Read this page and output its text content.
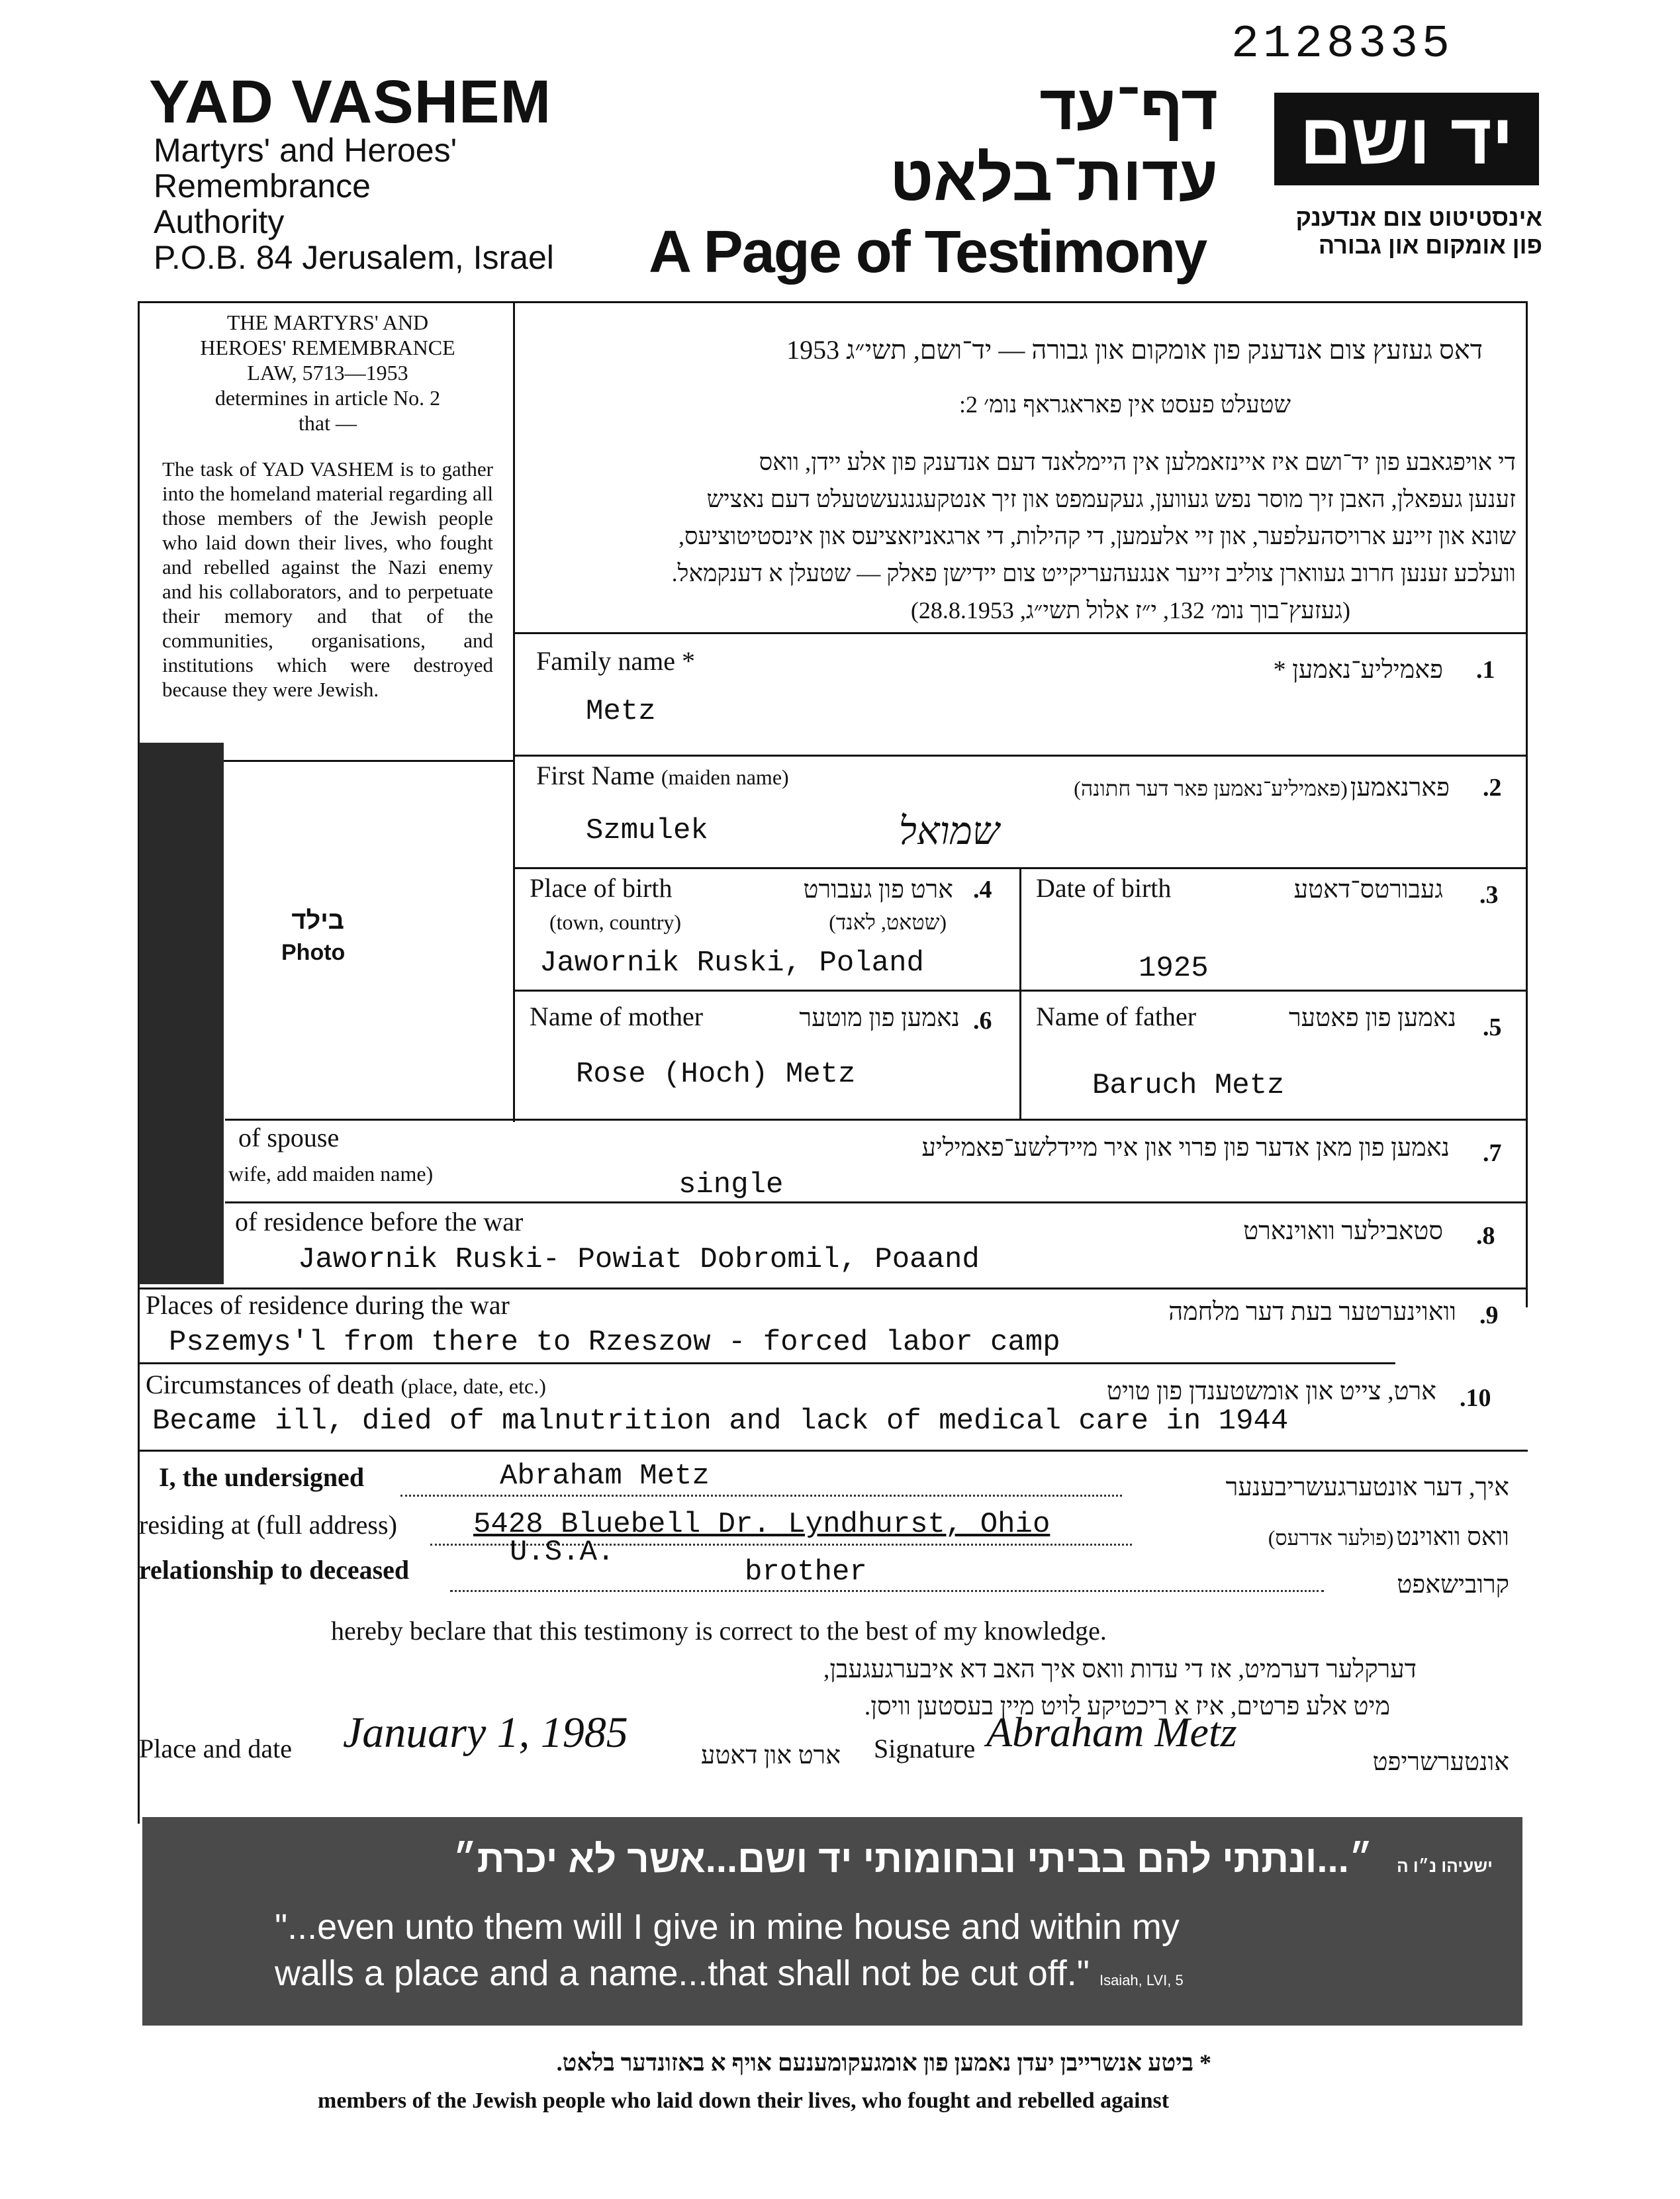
2128335
YAD VASHEM
Martyrs' and Heroes'
Remembrance
Authority
P.O.B. 84 Jerusalem, Israel
דף־עד
עדות־בלאט
A Page of Testimony
יד ושם
אינסטיטוט צום אנדענק
פון אומקום און גבורה
THE MARTYRS' AND
HEROES' REMEMBRANCE
LAW, 5713—1953
determines in article No. 2
that —
The task of YAD VASHEM is to gather into the homeland material regarding all those members of the Jewish people who laid down their lives, who fought and rebelled against the Nazi enemy and his collaborators, and to perpetuate their memory and that of the communities, organisations, and institutions which were destroyed because they were Jewish.
דאס געזעץ צום אנדענק פון אומקום און גבורה — יד־ושם, תשי״ג 1953
שטעלט פעסט אין פאראגראף נומ׳ 2:
די אויפגאבע פון יד־ושם איז איינזאמלען אין היימלאנד דעם אנדענק פון אלע יידן, וואס
זענען געפאלן, האבן זיך מוסר נפש געווען, געקעמפט און זיך אנטקעגנגעשטעלט דעם נאציש
שונא און זיינע ארויסהעלפער, און זיי אלעמען, די קהילות, די ארגאניזאציעס און אינסטיטוציעס,
וועלכע זענען חרוב געווארן צוליב זייער אנגעהעריקייט צום יידישן פאלק — שטעלן א דענקמאל.
(געזעץ־בוך נומ׳ 132, י״ז אלול תשי״ג, 28.8.1953)
בילד
Photo
Family name *	פאמיליע־נאמען * .1
Metz
First Name (maiden name)	פארנאמען (פאמיליע־נאמען פאר דער חתונה)	.2
Szmulek	שמואל
Place of birth	ארט פון געבורט .4
(town, country)	(שטאט, לאנד)
Jawornik Ruski, Poland
Date of birth	געבורטס־דאטע .3
1925
Name of mother	נאמען פון מוטער .6
Rose (Hoch) Metz
Name of father	נאמען פון פאטער .5
Baruch Metz
of spouse
wife, add maiden name)
נאמען פון מאן אדער פון פרוי און איר מיידלשע־פאמיליע .7
single
of residence before the war	סטאבילער וואוינארט .8
Jawornik Ruski- Powiat Dobromil, Poaand
Places of residence during the war	וואוינערטער בעת דער מלחמה .9
Pszemys'l from there to Rzeszow - forced labor camp
Circumstances of death (place, date, etc.)	ארט, צייט און אומשטענדן פון טויט .10
Became ill, died of malnutrition and lack of medical care in 1944
I, the undersigned	Abraham Metz	איך, דער אונטערגעשריבענער
residing at (full address)	5428 Bluebell Dr. Lyndhurst, Ohio
U.S.A.	וואס וואוינט (פולער אדרעס)
relationship to deceased	brother	קרובישאפט
hereby beclare that this testimony is correct to the best of my knowledge.
דערקלער דערמיט, אז די עדות וואס איך האב דא איבערגעגעבן,
מיט אלע פרטים, איז א ריכטיקע לויט מיין בעסטען וויסן.
Place and date January 1, 1985	ארט און דאטע Signature Abraham Metz
אונטערשריפט
ישעיהו נ״ו ה ״...ונתתי להם בביתי ובחומותי יד ושם...אשר לא יכרת״
"...even unto them will I give in mine house and within my
walls a place and a name...that shall not be cut off." Isaiah, LVI, 5
* ביטע אנשרייבן יעדן נאמען פון אומגעקומענעם אויף א באזונדער בלאט.
members of the Jewish people who laid down their lives, who fought and rebelled against
